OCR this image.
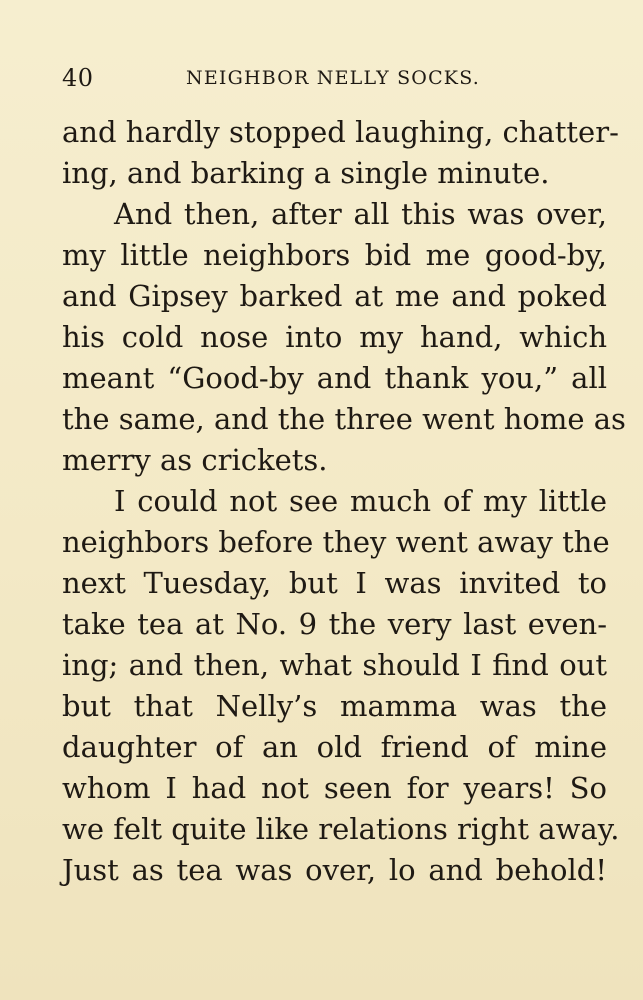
40	NEIGHBOR NELLY SOCKS.
and hardly stopped laughing, chatter-
ing, and barking a single minute.
And then, after all this was over,
my little neighbors bid me good-by,
and Gipsey barked at me and poked
his cold nose into my hand, which
meant “Good-by and thank you,” all
the same, and the three went home as
merry as crickets.
I could not see much of my little
neighbors before they went away the
next Tuesday, but I was invited to
take tea at No. 9 the very last even-
ing; and then, what should I find out
but that Nelly’s mamma was the
daughter of an old friend of mine
whom I had not seen for years! So
we felt quite like relations right away.
Just as tea was over, lo and behold!
